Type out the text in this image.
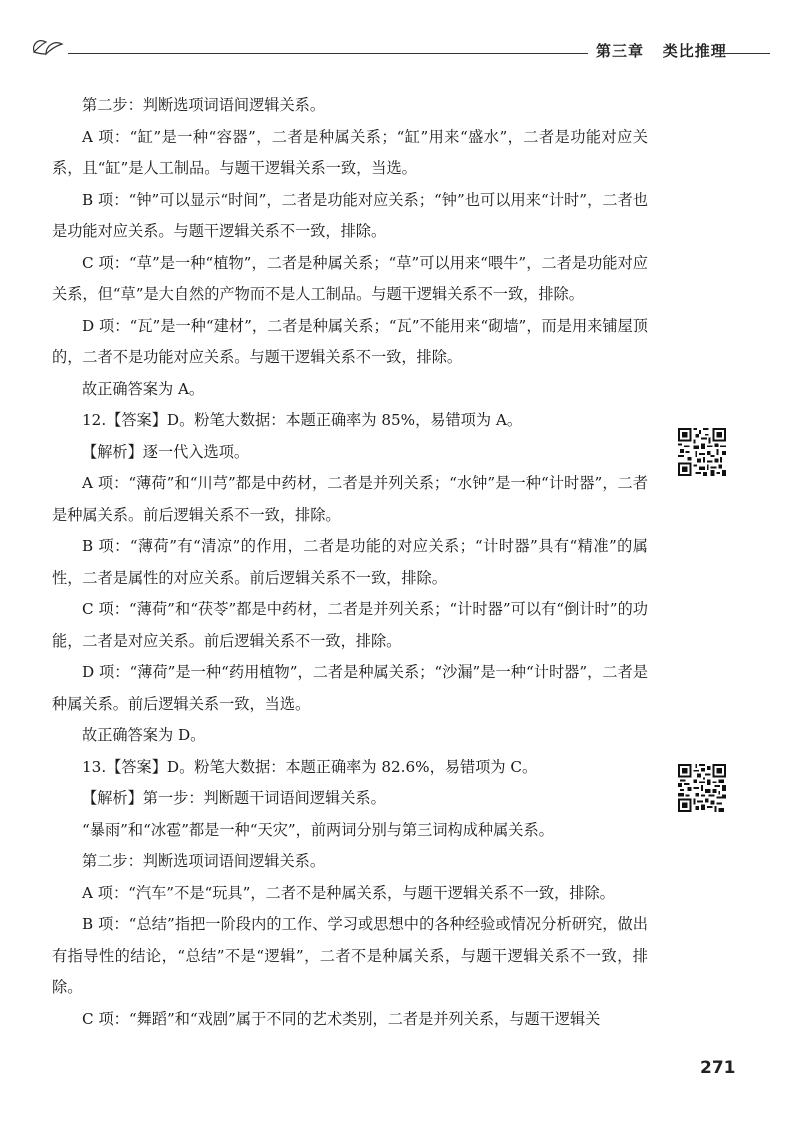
第三章 类比推理

第二步：判断选项词语间逻辑关系。

A 项：“缸”是一种“容器”，二者是种属关系；“缸”用来“盛水”，二者是功能对应关系，且“缸”是人工制品。与题干逻辑关系一致，当选。

B 项：“钟”可以显示“时间”，二者是功能对应关系；“钟”也可以用来“计时”，二者也是功能对应关系。与题干逻辑关系不一致，排除。

C 项：“草”是一种“植物”，二者是种属关系；“草”可以用来“喂牛”，二者是功能对应关系，但“草”是大自然的产物而不是人工制品。与题干逻辑关系不一致，排除。

D 项：“瓦”是一种“建材”，二者是种属关系；“瓦”不能用来“砌墙”，而是用来铺屋顶的，二者不是功能对应关系。与题干逻辑关系不一致，排除。

故正确答案为 A。

12.【答案】D。粉笔大数据：本题正确率为 85%，易错项为 A。

【解析】逐一代入选项。

A 项：“薄荷”和“川芎”都是中药材，二者是并列关系；“水钟”是一种“计时器”，二者是种属关系。前后逻辑关系不一致，排除。

B 项：“薄荷”有“清凉”的作用，二者是功能的对应关系；“计时器”具有“精准”的属性，二者是属性的对应关系。前后逻辑关系不一致，排除。

C 项：“薄荷”和“茯苓”都是中药材，二者是并列关系；“计时器”可以有“倒计时”的功能，二者是对应关系。前后逻辑关系不一致，排除。

D 项：“薄荷”是一种“药用植物”，二者是种属关系；“沙漏”是一种“计时器”，二者是种属关系。前后逻辑关系一致，当选。

故正确答案为 D。

13.【答案】D。粉笔大数据：本题正确率为 82.6%，易错项为 C。

【解析】第一步：判断题干词语间逻辑关系。

“暴雨”和“冰雹”都是一种“天灾”，前两词分别与第三词构成种属关系。

第二步：判断选项词语间逻辑关系。

A 项：“汽车”不是“玩具”，二者不是种属关系，与题干逻辑关系不一致，排除。

B 项：“总结”指把一阶段内的工作、学习或思想中的各种经验或情况分析研究，做出有指导性的结论，“总结”不是“逻辑”，二者不是种属关系，与题干逻辑关系不一致，排除。

C 项：“舞蹈”和“戏剧”属于不同的艺术类别，二者是并列关系，与题干逻辑关

271
